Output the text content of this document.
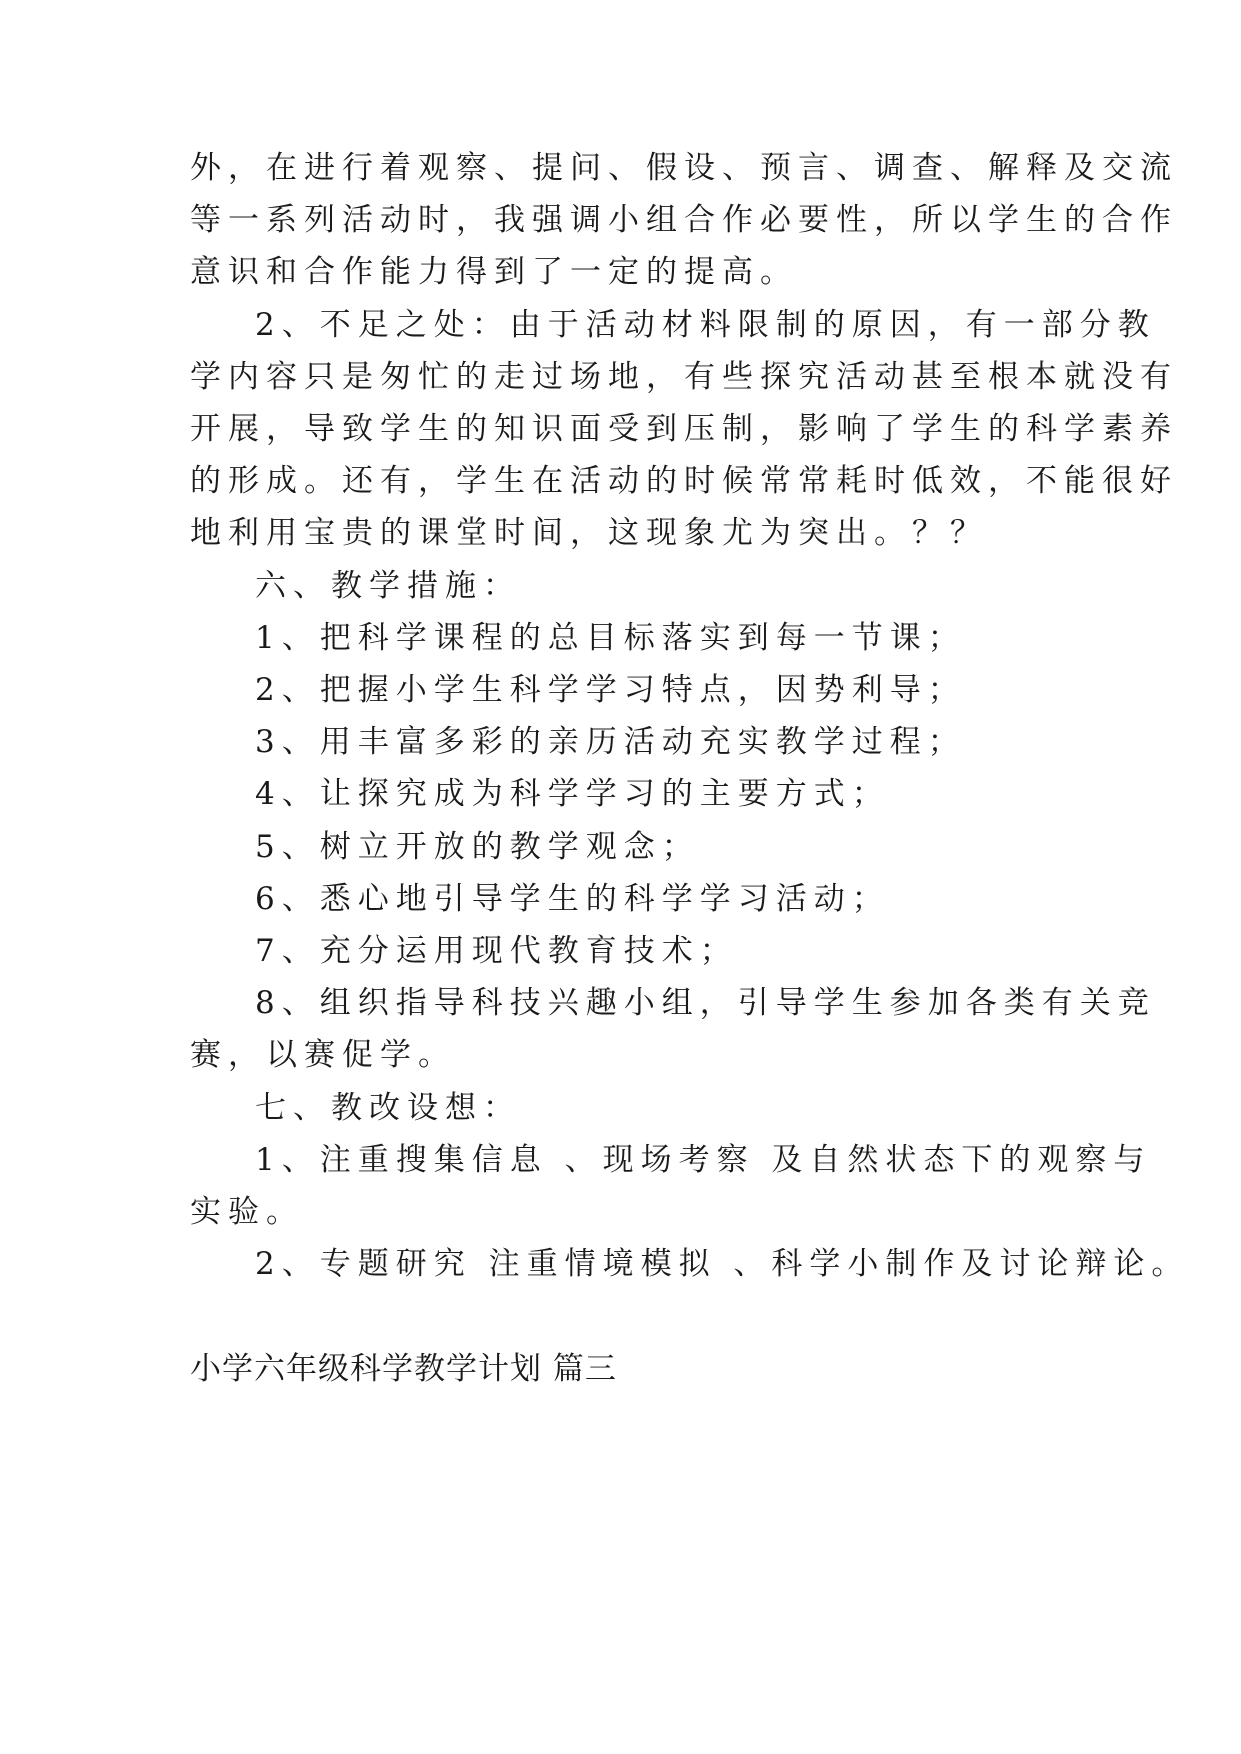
外，在进行着观察、提问、假设、预言、调查、解释及交流
等一系列活动时，我强调小组合作必要性，所以学生的合作
意识和合作能力得到了一定的提高。
2、不足之处：由于活动材料限制的原因，有一部分教
学内容只是匆忙的走过场地，有些探究活动甚至根本就没有
开展，导致学生的知识面受到压制，影响了学生的科学素养
的形成。还有，学生在活动的时候常常耗时低效，不能很好
地利用宝贵的课堂时间，这现象尤为突出。？？
六、教学措施：
1、把科学课程的总目标落实到每一节课；
2、把握小学生科学学习特点，因势利导；
3、用丰富多彩的亲历活动充实教学过程；
4、让探究成为科学学习的主要方式；
5、树立开放的教学观念；
6、悉心地引导学生的科学学习活动；
7、充分运用现代教育技术；
8、组织指导科技兴趣小组，引导学生参加各类有关竞
赛，以赛促学。
七、教改设想：
1、注重搜集信息 、现场考察 及自然状态下的观察与
实验。
2、专题研究 注重情境模拟 、科学小制作及讨论辩论。
小学六年级科学教学计划 篇三
